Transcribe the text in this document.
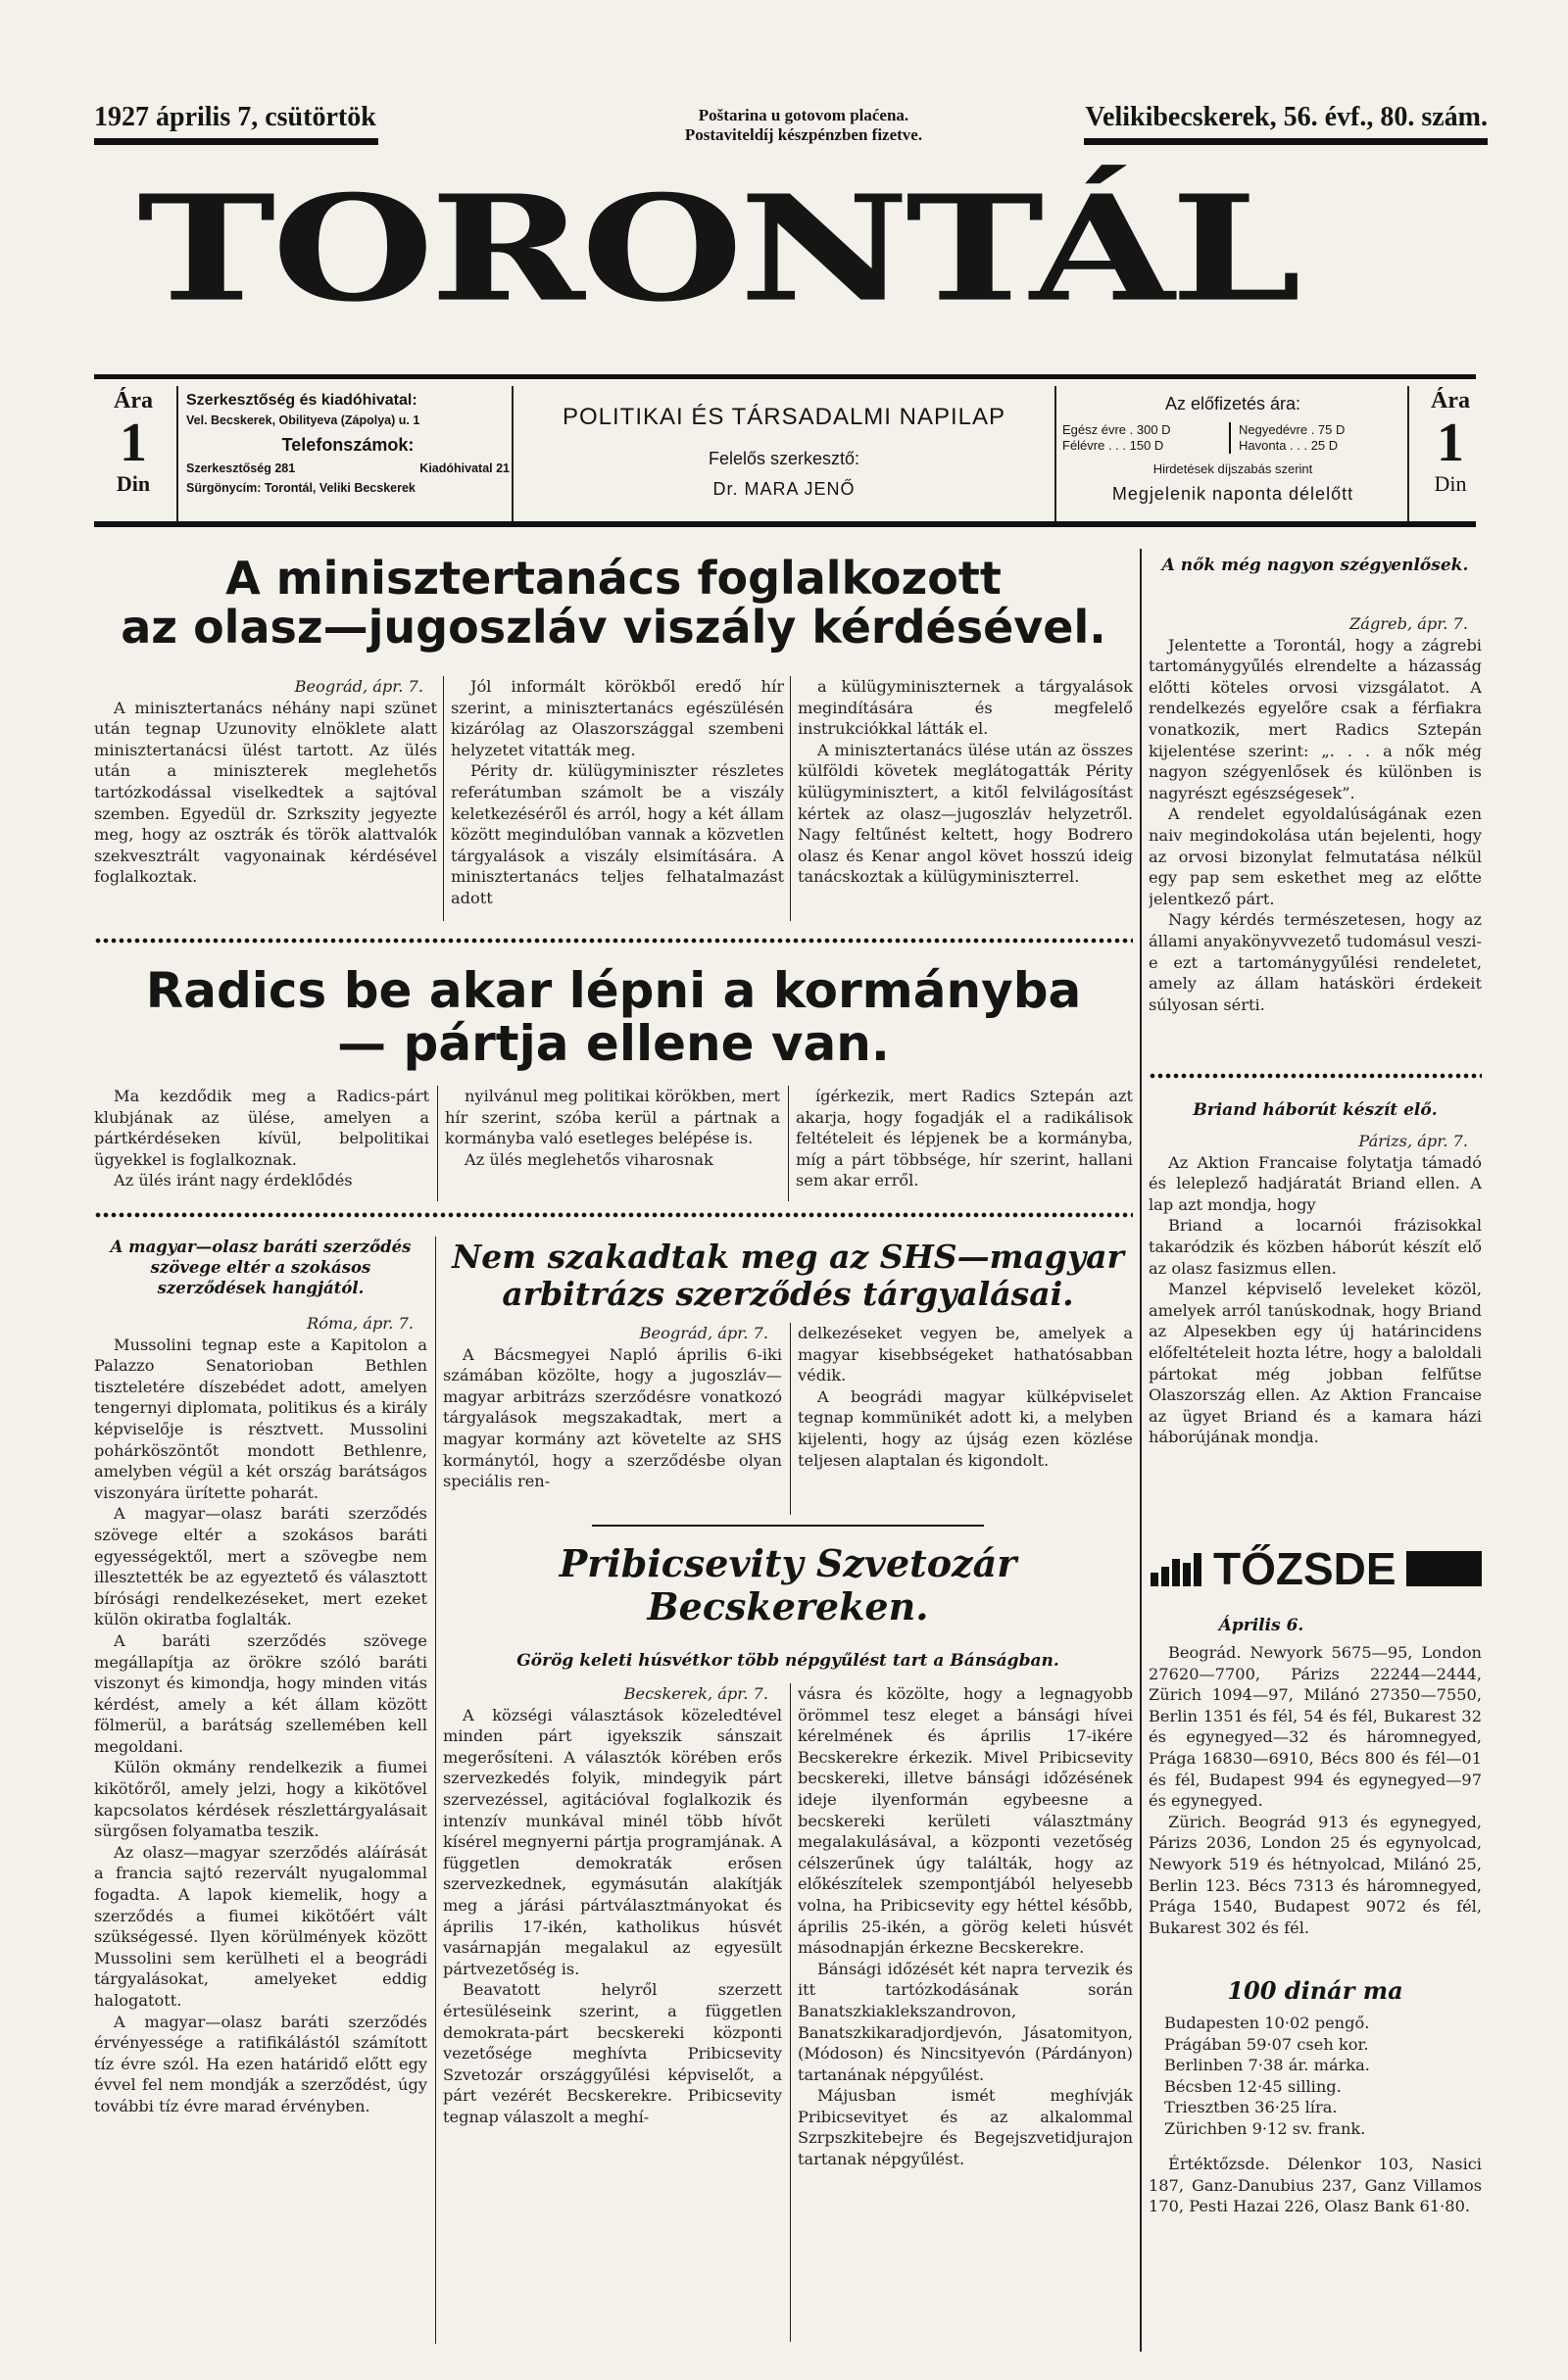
1927 április 7, csütörtök	Poštarina u gotovom plaćena.
Postaviteldíj készpénzben fizetve.
Velikibecskerek, 56. évf., 80. szám.
TORONTÁL
Ára
1
Din
Szerkesztőség és kiadóhivatal:
Vel. Becskerek, Obilityeva (Zápolya) u. 1
Telefonszámok:
Szerkesztőség 281	Kiadóhivatal 21
Sürgönycím: Torontál, Veliki Becskerek
POLITIKAI ÉS TÁRSADALMI NAPILAP
Felelős szerkesztő:
Dr. MARA JENŐ
Az előfizetés ára:
Egész évre . 300 D
Félévre . . . 150 D
Negyedévre . 75 D
Havonta . . . 25 D
Hirdetések díjszabás szerint
Megjelenik naponta délelőtt
Ára
1
Din
A minisztertanács foglalkozott
az olasz—jugoszláv viszály kérdésével.
Beográd, ápr. 7.

A minisztertanács néhány napi szünet után tegnap Uzunovity elnöklete alatt minisztertanácsi ülést tartott. Az ülés után a miniszterek meglehetős tartózkodással viselkedtek a sajtóval szemben. Egyedül dr. Szrkszity jegyezte meg, hogy az osztrák és török alattvalók szekvesztrált vagyonainak kérdésével foglalkoztak.

Jól informált körökből eredő hír szerint, a minisztertanács egészülésén kizárólag az Olaszországgal szembeni helyzetet vitatták meg.

Périty dr. külügyminiszter részletes referátumban számolt be a viszály keletkezéséről és arról, hogy a két állam között megindulóban vannak a közvetlen tárgyalások a viszály elsimítására. A minisztertanács teljes felhatalmazást adott

a külügyminiszternek a tárgyalások megindítására és megfelelő instrukciókkal látták el.

A minisztertanács ülése után az összes külföldi követek meglátogatták Périty külügyminisztert, a kitől felvilágosítást kértek az olasz—jugoszláv helyzetről. Nagy feltűnést keltett, hogy Bodrero olasz és Kenar angol követ hosszú ideig tanácskoztak a külügyminiszterrel.

Radics be akar lépni a kormányba
— pártja ellene van.

Ma kezdődik meg a Radics-párt klubjának az ülése, amelyen a pártkérdéseken kívül, belpolitikai ügyekkel is foglalkoznak.

Az ülés iránt nagy érdeklődés

nyilvánul meg politikai körökben, mert hír szerint, szóba kerül a pártnak a kormányba való esetleges belépése is.

Az ülés meglehetős viharosnak

ígérkezik, mert Radics Sztepán azt akarja, hogy fogadják el a radikálisok feltételeit és lépjenek be a kormányba, míg a párt többsége, hír szerint, hallani sem akar erről.

A magyar—olasz baráti szerződés szövege eltér a szokásos szerződések hangjától.
Róma, ápr. 7.

Mussolini tegnap este a Kapitolon a Palazzo Senatorioban Bethlen tiszteletére díszebédet adott, amelyen tengernyi diplomata, politikus és a király képviselője is résztvett. Mussolini pohárköszöntőt mondott Bethlenre, amelyben végül a két ország barátságos viszonyára ürítette poharát.

A magyar—olasz baráti szerződés szövege eltér a szokásos baráti egyességektől, mert a szövegbe nem illesztették be az egyeztető és választott bírósági rendelkezéseket, mert ezeket külön okiratba foglalták.

A baráti szerződés szövege megállapítja az örökre szóló baráti viszonyt és kimondja, hogy minden vitás kérdést, amely a két állam között fölmerül, a barátság szellemében kell megoldani.

Külön okmány rendelkezik a fiumei kikötőről, amely jelzi, hogy a kikötővel kapcsolatos kérdések részlettárgyalásait sürgősen folyamatba teszik.

Az olasz—magyar szerződés aláírását a francia sajtó rezervált nyugalommal fogadta. A lapok kiemelik, hogy a szerződés a fiumei kikötőért vált szükségessé. Ilyen körülmények között Mussolini sem kerülheti el a beográdi tárgyalásokat, amelyeket eddig halogatott.

A magyar—olasz baráti szerződés érvényessége a ratifikálástól számított tíz évre szól. Ha ezen határidő előtt egy évvel fel nem mondják a szerződést, úgy további tíz évre marad érvényben.

Nem szakadtak meg az SHS—magyar
arbitrázs szerződés tárgyalásai.
Beográd, ápr. 7.

A Bácsmegyei Napló április 6-iki számában közölte, hogy a jugoszláv—magyar arbitrázs szerződésre vonatkozó tárgyalások megszakadtak, mert a magyar kormány azt követelte az SHS kormánytól, hogy a szerződésbe olyan speciális ren-

delkezéseket vegyen be, amelyek a magyar kisebbségeket hathatósabban védik.

A beográdi magyar külképviselet tegnap kommünikét adott ki, a melyben kijelenti, hogy az újság ezen közlése teljesen alaptalan és kigondolt.

Pribicsevity Szvetozár
Becskereken.
Görög keleti húsvétkor több népgyűlést tart a Bánságban.
Becskerek, ápr. 7.

A községi választások közeledtével minden párt igyekszik sánszait megerősíteni. A választók körében erős szervezkedés folyik, mindegyik párt szervezéssel, agitációval foglalkozik és intenzív munkával minél több hívőt kísérel megnyerni pártja programjának. A független demokraták erősen szervezkednek, egymásután alakítják meg a járási pártválasztmányokat és április 17-ikén, katholikus húsvét vasárnapján megalakul az egyesült pártvezetőség is.

Beavatott helyről szerzett értesüléseink szerint, a független demokrata-párt becskereki központi vezetősége meghívta Pribicsevity Szvetozár országgyűlési képviselőt, a párt vezérét Becskerekre. Pribicsevity tegnap válaszolt a meghí-

vásra és közölte, hogy a legnagyobb örömmel tesz eleget a bánsági hívei kérelmének és április 17-ikére Becskerekre érkezik. Mivel Pribicsevity becskereki, illetve bánsági időzésének ideje ilyenformán egybeesne a becskereki kerületi választmány megalakulásával, a központi vezetőség célszerűnek úgy találták, hogy az előkészítelek szempontjából helyesebb volna, ha Pribicsevity egy héttel később, április 25-ikén, a görög keleti húsvét másodnapján érkezne Becskerekre.

Bánsági időzését két napra tervezik és itt tartózkodásának során Banatszkiaklekszandrovon, Banatszkikaradjordjevón, Jásatomityon, (Módoson) és Nincsityevón (Párdányon) tartanának népgyűlést.

Májusban ismét meghívják Pribicsevityet és az alkalommal Szrpszkitebejre és Begejszvetidjurajon tartanak népgyűlést.

A nők még nagyon szégyenlősek.
Zágreb, ápr. 7.

Jelentette a Torontál, hogy a zágrebi tartománygyűlés elrendelte a házasság előtti köteles orvosi vizsgálatot. A rendelkezés egyelőre csak a férfiakra vonatkozik, mert Radics Sztepán kijelentése szerint: „. . . a nők még nagyon szégyenlősek és különben is nagyrészt egészségesek”.

A rendelet egyoldalúságának ezen naiv megindokolása után bejelenti, hogy az orvosi bizonylat felmutatása nélkül egy pap sem eskethet meg az előtte jelentkező párt.

Nagy kérdés természetesen, hogy az állami anyakönyvvezető tudomásul veszi-e ezt a tartománygyűlési rendeletet, amely az állam hatásköri érdekeit súlyosan sérti.

Briand háborút készít elő.
Párizs, ápr. 7.

Az Aktion Francaise folytatja támadó és leleplező hadjáratát Briand ellen. A lap azt mondja, hogy

Briand a locarnói frázisokkal takaródzik és közben háborút készít elő az olasz fasizmus ellen.

Manzel képviselő leveleket közöl, amelyek arról tanúskodnak, hogy Briand az Alpesekben egy új határincidens előfeltételeit hozta létre, hogy a baloldali pártokat még jobban felfűtse Olaszország ellen. Az Aktion Francaise az ügyet Briand és a kamara házi háborújának mondja.

TŐZSDE
Április 6.

Beográd. Newyork 5675—95, London 27620—7700, Párizs 22244—2444, Zürich 1094—97, Milánó 27350—7550, Berlin 1351 és fél, 54 és fél, Bukarest 32 és egynegyed—32 és háromnegyed, Prága 16830—6910, Bécs 800 és fél—01 és fél, Budapest 994 és egynegyed—97 és egynegyed.

Zürich. Beográd 913 és egynegyed, Párizs 2036, London 25 és egynyolcad, Newyork 519 és hétnyolcad, Milánó 25, Berlin 123. Bécs 7313 és háromnegyed, Prága 1540, Budapest 9072 és fél, Bukarest 302 és fél.

100 dinár ma
Budapesten 10·02 pengő.
Prágában 59·07 cseh kor.
Berlinben 7·38 ár. márka.
Bécsben 12·45 silling.
Triesztben 36·25 líra.
Zürichben 9·12 sv. frank.

Értéktőzsde. Délenkor 103, Nasici 187, Ganz-Danubius 237, Ganz Villamos 170, Pesti Hazai 226, Olasz Bank 61·80.
